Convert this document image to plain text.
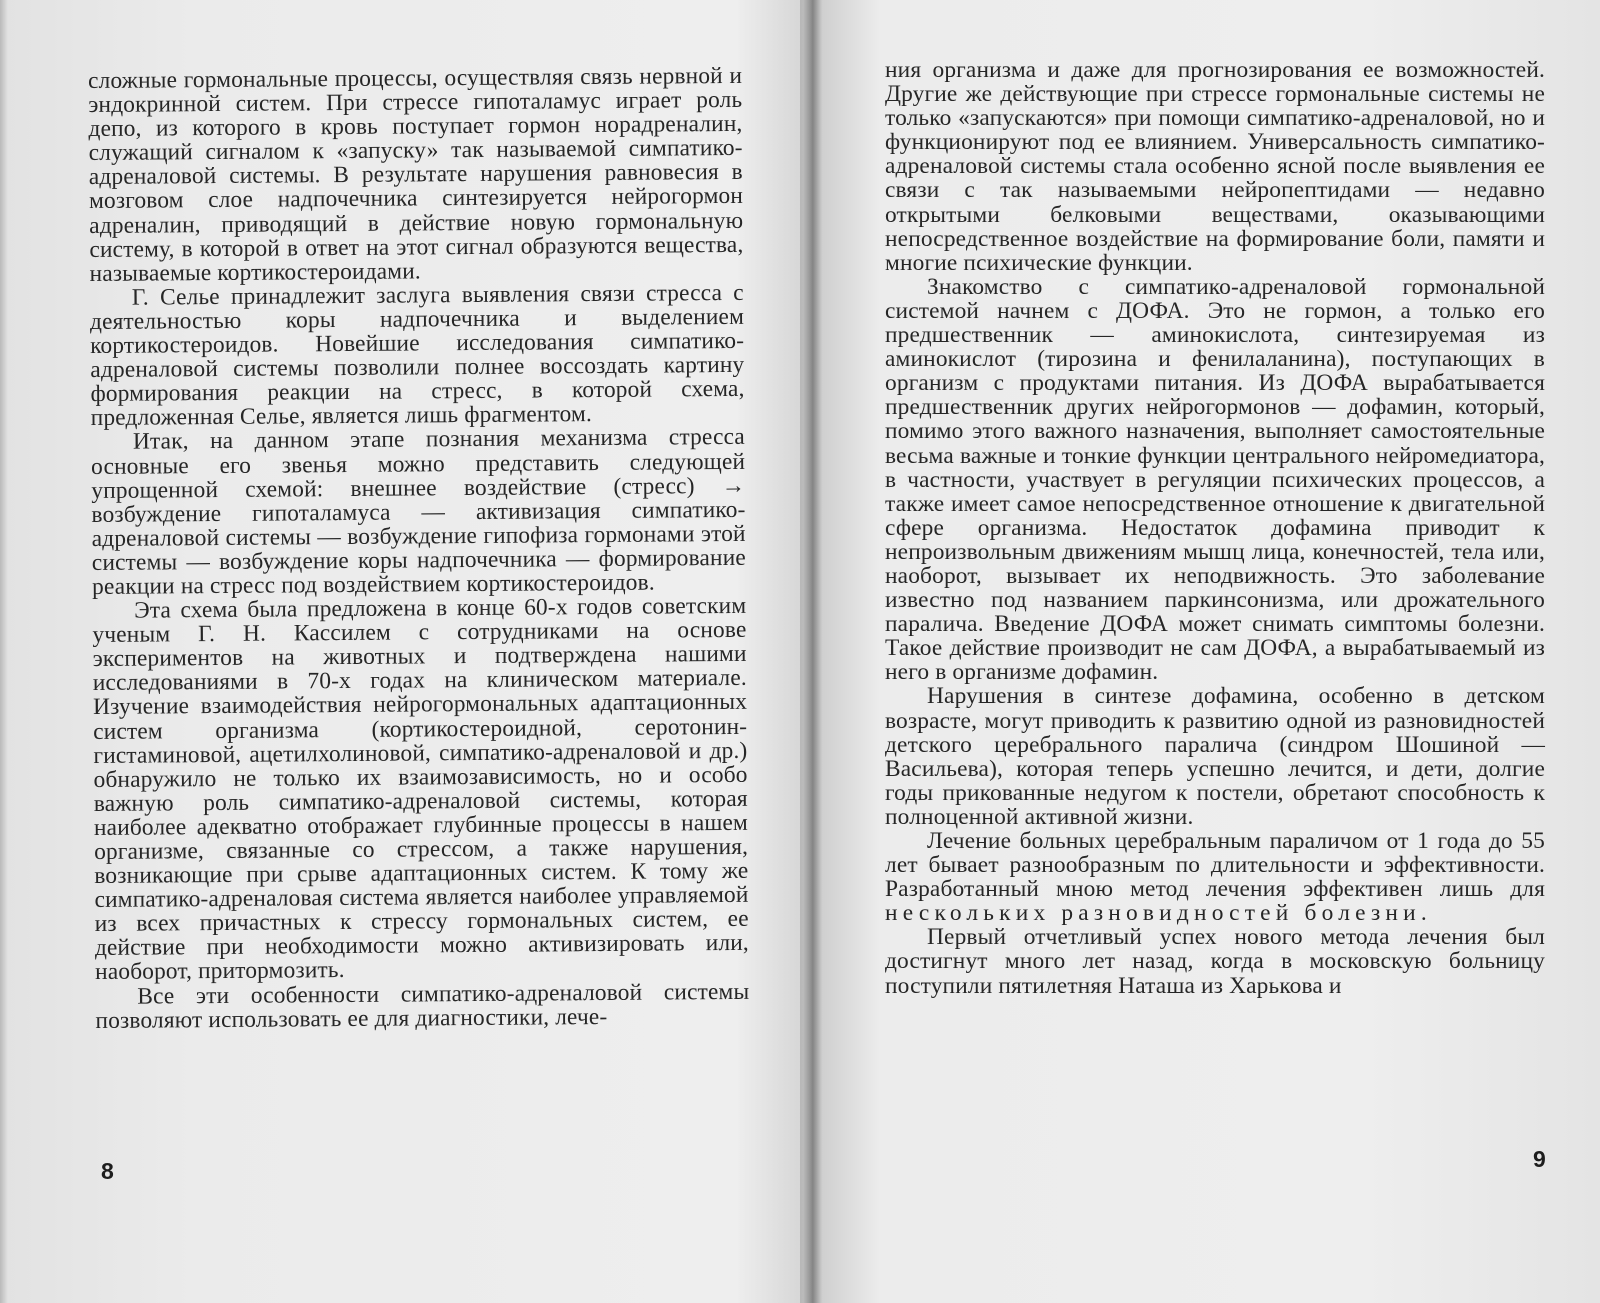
сложные гормональные процессы, осуществляя связь нервной и эндокринной систем. При стрессе гипоталамус играет роль депо, из которого в кровь поступает гормон норадреналин, служащий сигналом к «запуску» так называемой симпатико-адреналовой системы. В результате нарушения равновесия в мозговом слое надпочечника синтезируется нейрогормон адреналин, приводящий в действие новую гормональную систему, в которой в ответ на этот сигнал образуются вещества, называемые кортикостероидами.

Г. Селье принадлежит заслуга выявления связи стресса с деятельностью коры надпочечника и выделением кортикостероидов. Новейшие исследования симпатико-адреналовой системы позволили полнее воссоздать картину формирования реакции на стресс, в которой схема, предложенная Селье, является лишь фрагментом.

Итак, на данном этапе познания механизма стресса основные его звенья можно представить следующей упрощенной схемой: внешнее воздействие (стресс) → возбуждение гипоталамуса — активизация симпатико-адреналовой системы — возбуждение гипофиза гормонами этой системы — возбуждение коры надпочечника — формирование реакции на стресс под воздействием кортикостероидов.

Эта схема была предложена в конце 60-х годов советским ученым Г. Н. Кассилем с сотрудниками на основе экспериментов на животных и подтверждена нашими исследованиями в 70-х годах на клиническом материале. Изучение взаимодействия нейрогормональных адаптационных систем организма (кортикостероидной, серотонин-гистаминовой, ацетилхолиновой, симпатико-адреналовой и др.) обнаружило не только их взаимозависимость, но и особо важную роль симпатико-адреналовой системы, которая наиболее адекватно отображает глубинные процессы в нашем организме, связанные со стрессом, а также нарушения, возникающие при срыве адаптационных систем. К тому же симпатико-адреналовая система является наиболее управляемой из всех причастных к стрессу гормональных систем, ее действие при необходимости можно активизировать или, наоборот, притормозить.

Все эти особенности симпатико-адреналовой системы позволяют использовать ее для диагностики, лече-

8

ния организма и даже для прогнозирования ее возможностей. Другие же действующие при стрессе гормональные системы не только «запускаются» при помощи симпатико-адреналовой, но и функционируют под ее влиянием. Универсальность симпатико-адреналовой системы стала особенно ясной после выявления ее связи с так называемыми нейропептидами — недавно открытыми белковыми веществами, оказывающими непосредственное воздействие на формирование боли, памяти и многие психические функции.

Знакомство с симпатико-адреналовой гормональной системой начнем с ДОФА. Это не гормон, а только его предшественник — аминокислота, синтезируемая из аминокислот (тирозина и фенилаланина), поступающих в организм с продуктами питания. Из ДОФА вырабатывается предшественник других нейрогормонов — дофамин, который, помимо этого важного назначения, выполняет самостоятельные весьма важные и тонкие функции центрального нейромедиатора, в частности, участвует в регуляции психических процессов, а также имеет самое непосредственное отношение к двигательной сфере организма. Недостаток дофамина приводит к непроизвольным движениям мышц лица, конечностей, тела или, наоборот, вызывает их неподвижность. Это заболевание известно под названием паркинсонизма, или дрожательного паралича. Введение ДОФА может снимать симптомы болезни. Такое действие производит не сам ДОФА, а вырабатываемый из него в организме дофамин.

Нарушения в синтезе дофамина, особенно в детском возрасте, могут приводить к развитию одной из разновидностей детского церебрального паралича (синдром Шошиной — Васильева), которая теперь успешно лечится, и дети, долгие годы прикованные недугом к постели, обретают способность к полноценной активной жизни.

Лечение больных церебральным параличом от 1 года до 55 лет бывает разнообразным по длительности и эффективности. Разработанный мною метод лечения эффективен лишь для нескольких разновидностей болезни.

Первый отчетливый успех нового метода лечения был достигнут много лет назад, когда в московскую больницу поступили пятилетняя Наташа из Харькова и

9
